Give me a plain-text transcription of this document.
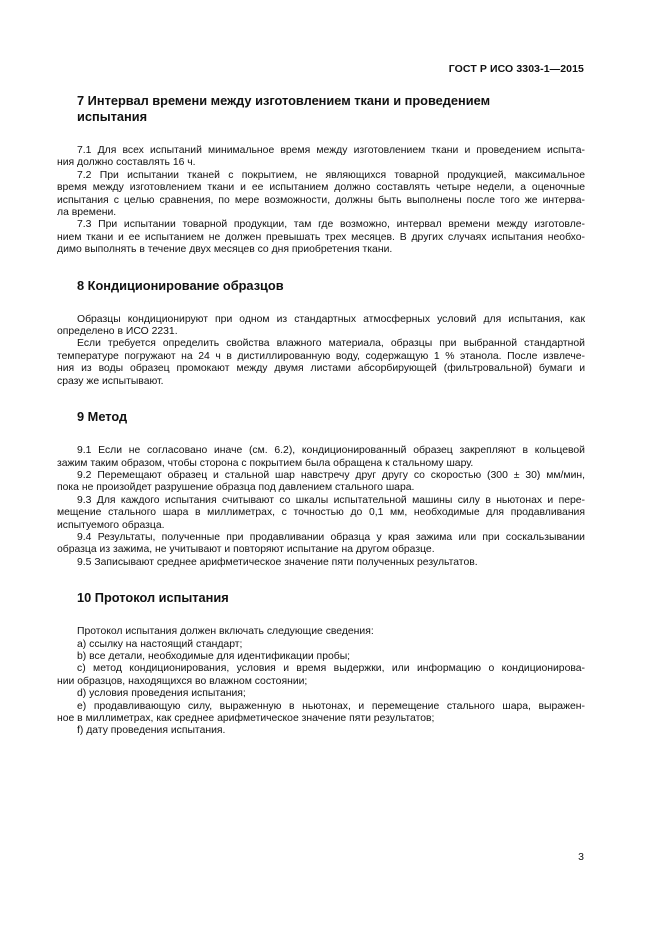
ГОСТ Р ИСО 3303-1—2015
7 Интервал времени между изготовлением ткани и проведением
испытания

7.1 Для всех испытаний минимальное время между изготовлением ткани и проведением испыта-
ния должно составлять 16 ч.

7.2 При испытании тканей с покрытием, не являющихся товарной продукцией, максимальное
время между изготовлением ткани и ее испытанием должно составлять четыре недели, а оценочные
испытания с целью сравнения, по мере возможности, должны быть выполнены после того же интерва-
ла времени.

7.3 При испытании товарной продукции, там где возможно, интервал времени между изготовле-
нием ткани и ее испытанием не должен превышать трех месяцев. В других случаях испытания необхо-
димо выполнять в течение двух месяцев со дня приобретения ткани.

8 Кондиционирование образцов

Образцы кондиционируют при одном из стандартных атмосферных условий для испытания, как
определено в ИСО 2231.

Если требуется определить свойства влажного материала, образцы при выбранной стандартной
температуре погружают на 24 ч в дистиллированную воду, содержащую 1 % этанола. После извлече-
ния из воды образец промокают между двумя листами абсорбирующей (фильтровальной) бумаги и
сразу же испытывают.

9 Метод

9.1 Если не согласовано иначе (см. 6.2), кондиционированный образец закрепляют в кольцевой
зажим таким образом, чтобы сторона с покрытием была обращена к стальному шару.

9.2 Перемещают образец и стальной шар навстречу друг другу со скоростью (300 ± 30) мм/мин,
пока не произойдет разрушение образца под давлением стального шара.

9.3 Для каждого испытания считывают со шкалы испытательной машины силу в ньютонах и пере-
мещение стального шара в миллиметрах, с точностью до 0,1 мм, необходимые для продавливания
испытуемого образца.

9.4 Результаты, полученные при продавливании образца у края зажима или при соскальзывании
образца из зажима, не учитывают и повторяют испытание на другом образце.

9.5 Записывают среднее арифметическое значение пяти полученных результатов.

10 Протокол испытания

Протокол испытания должен включать следующие сведения:

a) ссылку на настоящий стандарт;

b) все детали, необходимые для идентификации пробы;

c) метод кондиционирования, условия и время выдержки, или информацию о кондиционирова-
нии образцов, находящихся во влажном состоянии;

d) условия проведения испытания;

e) продавливающую силу, выраженную в ньютонах, и перемещение стального шара, выражен-
ное в миллиметрах, как среднее арифметическое значение пяти результатов;

f) дату проведения испытания.

3
